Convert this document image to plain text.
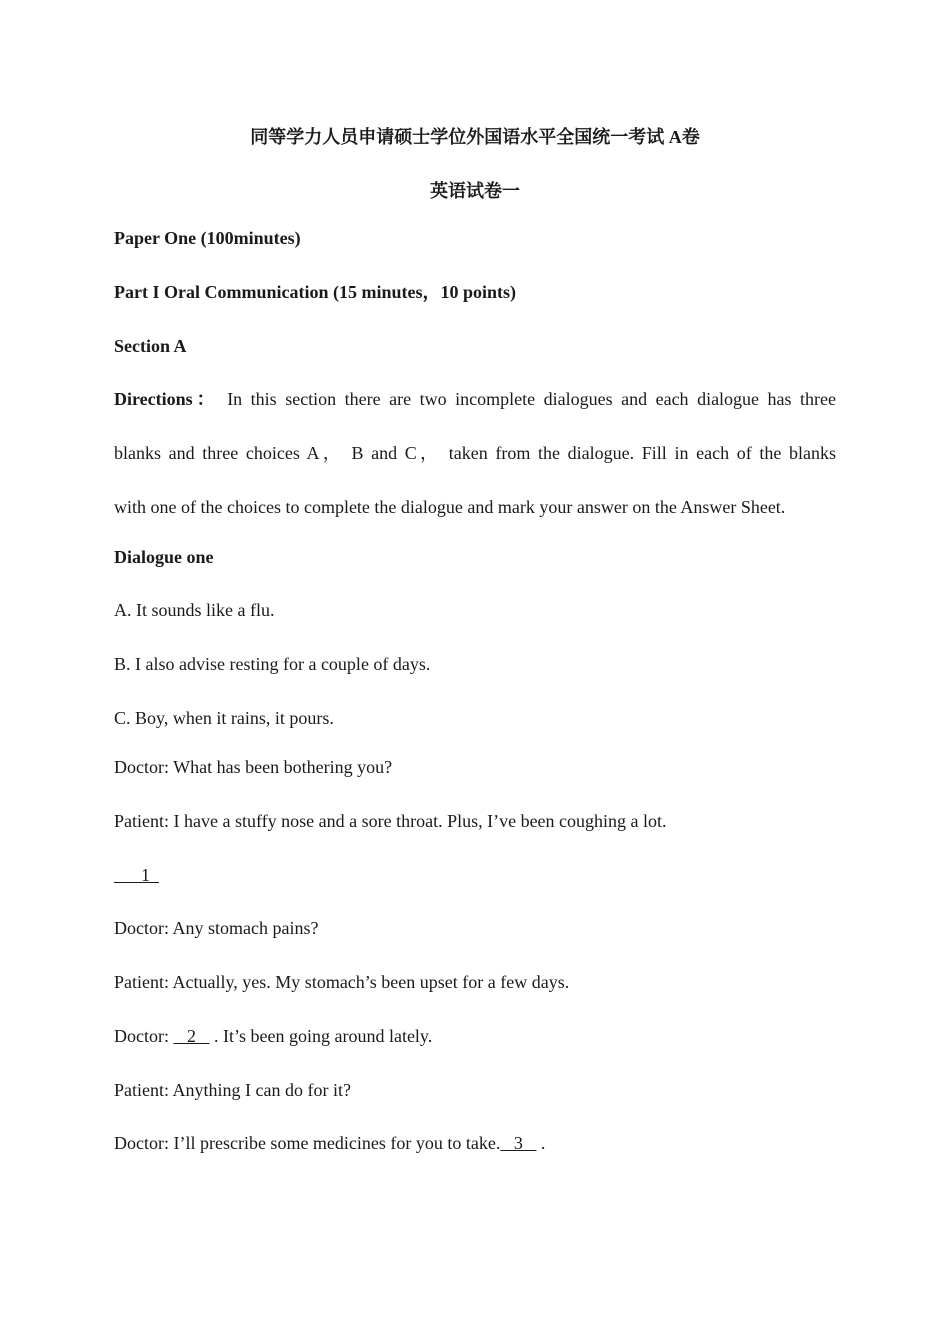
同等学力人员申请硕士学位外国语水平全国统一考试 A卷
英语试卷一
Paper One (100minutes)
Part I Oral Communication (15 minutes，10 points)
Section A
Directions： In this section there are two incomplete dialogues and each dialogue has three
blanks and three choices A， B and C， taken from the dialogue. Fill in each of the blanks
with one of the choices to complete the dialogue and mark your answer on the Answer Sheet.
Dialogue one
A. It sounds like a flu.
B. I also advise resting for a couple of days.
C. Boy, when it rains, it pours.
Doctor: What has been bothering you?
Patient: I have a stuffy nose and a sore throat. Plus, I’ve been coughing a lot.
1
Doctor: Any stomach pains?
Patient: Actually, yes. My stomach’s been upset for a few days.
Doctor:    2    . It’s been going around lately.
Patient: Anything I can do for it?
Doctor: I’ll prescribe some medicines for you to take.   3    .
